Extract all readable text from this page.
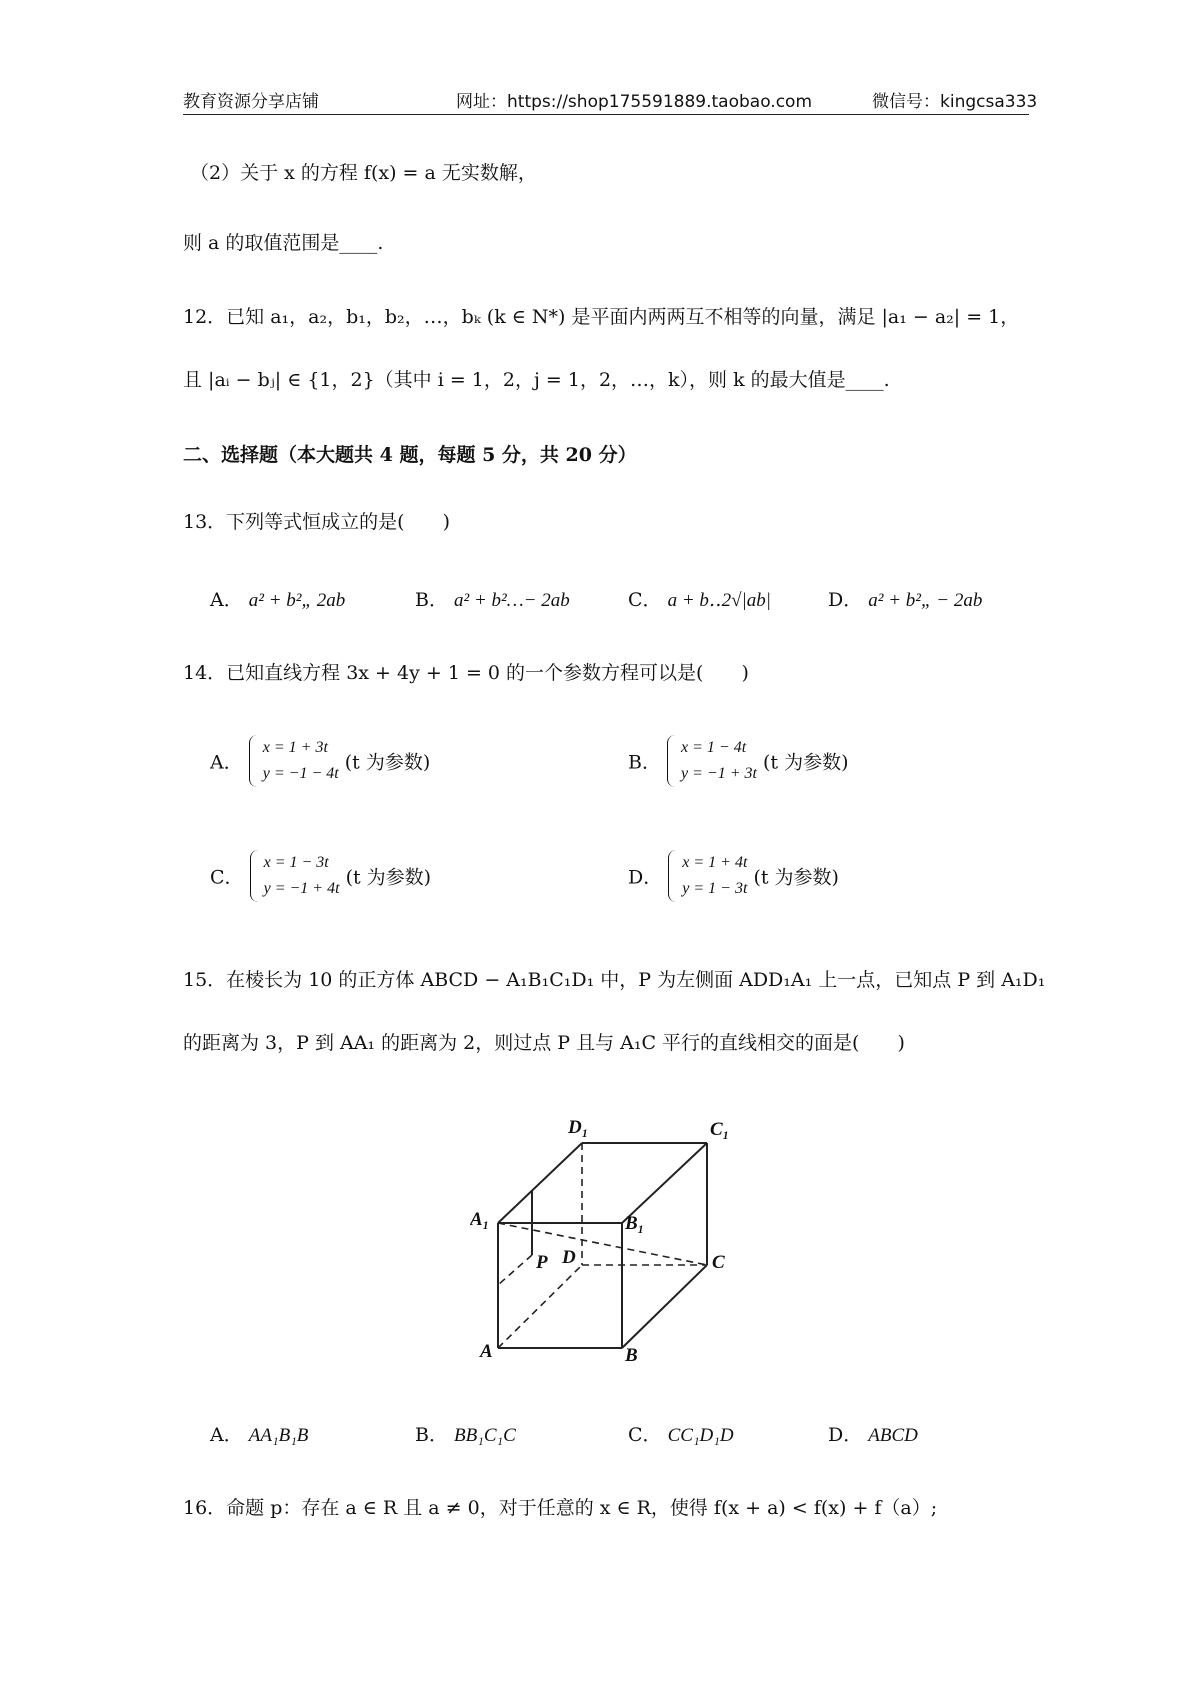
教育资源分享店铺	网址：https://shop175591889.taobao.com	微信号：kingcsa333
（2）关于 x 的方程 f(x) = a 无实数解，
则 a 的取值范围是____.
12．已知 a₁，a₂，b₁，b₂，…，bₖ (k ∈ N*) 是平面内两两互不相等的向量，满足 |a₁ − a₂| = 1，
且 |aᵢ − bⱼ| ∈ {1，2}（其中 i = 1，2，j = 1，2，…，k），则 k 的最大值是____.
二、选择题（本大题共 4 题，每题 5 分，共 20 分）
13．下列等式恒成立的是(　　)
A． a² + b²„ 2ab	B． a² + b²…− 2ab	C． a + b‥2√|ab|	D． a² + b²„ − 2ab
14．已知直线方程 3x + 4y + 1 = 0 的一个参数方程可以是(　　)
A．
x = 1 + 3t
y = −1 − 4t (t 为参数)	B．
x = 1 − 4t
y = −1 + 3t (t 为参数)
C．
x = 1 − 3t
y = −1 + 4t (t 为参数)	D．
x = 1 + 4t
y = 1 − 3t (t 为参数)
15．在棱长为 10 的正方体 ABCD − A₁B₁C₁D₁ 中，P 为左侧面 ADD₁A₁ 上一点，已知点 P 到 A₁D₁
的距离为 3，P 到 AA₁ 的距离为 2，则过点 P 且与 A₁C 平行的直线相交的面是(　　)
D₁	C₁
A₁	B₁
P D	C
A	B
A． AA₁B₁B	B． BB₁C₁C	C． CC₁D₁D	D． ABCD
16．命题 p：存在 a ∈ R 且 a ≠ 0，对于任意的 x ∈ R，使得 f(x + a) < f(x) + f（a）;
